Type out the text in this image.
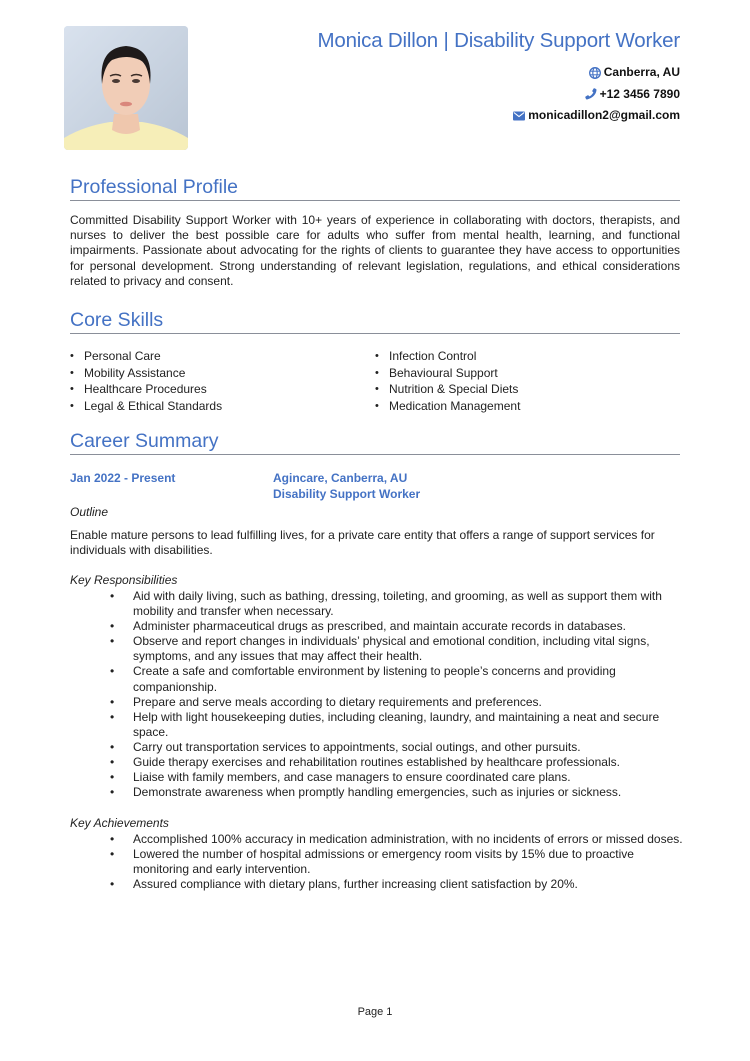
Monica Dillon | Disability Support Worker
Canberra, AU
+12 3456 7890
monicadillon2@gmail.com
Professional Profile
Committed Disability Support Worker with 10+ years of experience in collaborating with doctors, therapists, and nurses to deliver the best possible care for adults who suffer from mental health, learning, and functional impairments. Passionate about advocating for the rights of clients to guarantee they have access to opportunities for personal development. Strong understanding of relevant legislation, regulations, and ethical considerations related to privacy and consent.
Core Skills
• Personal Care
• Mobility Assistance
• Healthcare Procedures
• Legal & Ethical Standards
• Infection Control
• Behavioural Support
• Nutrition & Special Diets
• Medication Management
Career Summary
Jan 2022 - Present	Agincare, Canberra, AU
Disability Support Worker
Outline
Enable mature persons to lead fulfilling lives, for a private care entity that offers a range of support services for individuals with disabilities.
Key Responsibilities
• Aid with daily living, such as bathing, dressing, toileting, and grooming, as well as support them with mobility and transfer when necessary.
• Administer pharmaceutical drugs as prescribed, and maintain accurate records in databases.
• Observe and report changes in individuals’ physical and emotional condition, including vital signs, symptoms, and any issues that may affect their health.
• Create a safe and comfortable environment by listening to people’s concerns and providing companionship.
• Prepare and serve meals according to dietary requirements and preferences.
• Help with light housekeeping duties, including cleaning, laundry, and maintaining a neat and secure space.
• Carry out transportation services to appointments, social outings, and other pursuits.
• Guide therapy exercises and rehabilitation routines established by healthcare professionals.
• Liaise with family members, and case managers to ensure coordinated care plans.
• Demonstrate awareness when promptly handling emergencies, such as injuries or sickness.
Key Achievements
• Accomplished 100% accuracy in medication administration, with no incidents of errors or missed doses.
• Lowered the number of hospital admissions or emergency room visits by 15% due to proactive monitoring and early intervention.
• Assured compliance with dietary plans, further increasing client satisfaction by 20%.
Page 1
